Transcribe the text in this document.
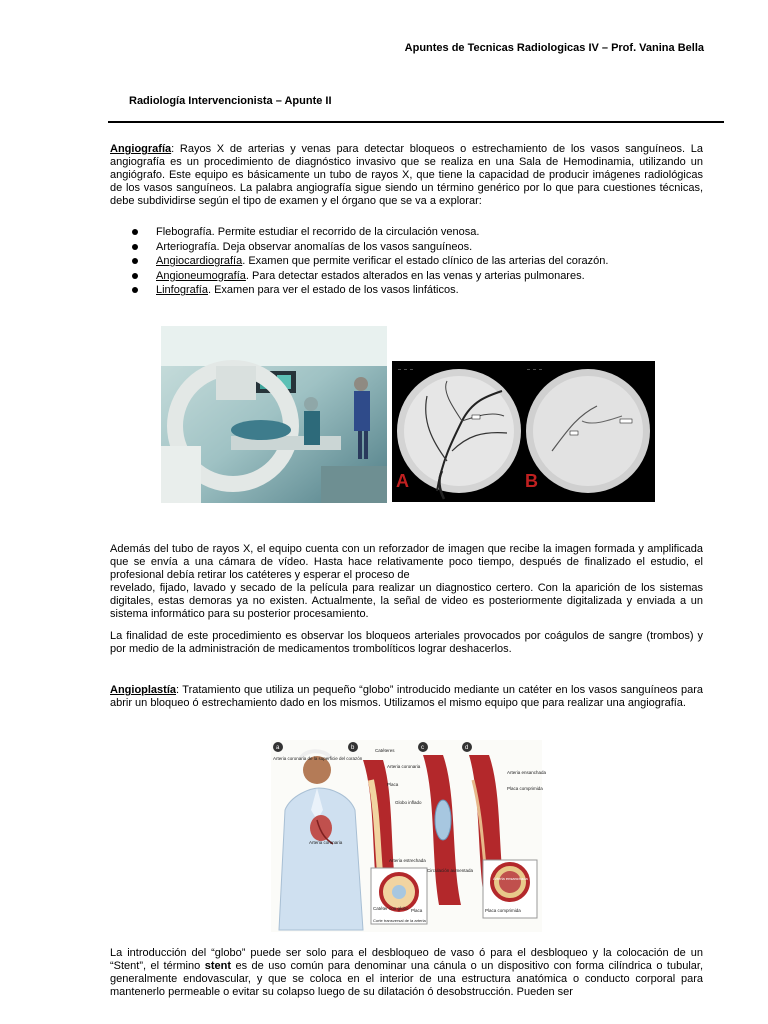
Apuntes de Tecnicas Radiologicas IV – Prof. Vanina Bella
Radiología Intervencionista – Apunte II
Angiografía: Rayos X de arterias y venas para detectar bloqueos o estrechamiento de los vasos sanguíneos. La angiografía es un procedimiento de diagnóstico invasivo que se realiza en una Sala de Hemodinamia, utilizando un angiógrafo. Este equipo es básicamente un tubo de rayos X, que tiene la capacidad de producir imágenes radiológicas de los vasos sanguíneos. La palabra angiografía sigue siendo un término genérico por lo que para cuestiones técnicas, debe subdividirse según el tipo de examen y el órgano que se va a explorar:
Flebografía. Permite estudiar el recorrido de la circulación venosa.
Arteriografía. Deja observar anomalías de los vasos sanguíneos.
Angiocardiografía. Examen que permite verificar el estado clínico de las arterias del corazón.
Angioneumografía. Para detectar estados alterados en las venas y arterias pulmonares.
Linfografía. Examen para ver el estado de los vasos linfáticos.
— — —	— — —
A	B
Además del tubo de rayos X, el equipo cuenta con un reforzador de imagen que recibe la imagen formada y amplificada que se envía a una cámara de vídeo. Hasta hace relativamente poco tiempo, después de finalizado el estudio, el profesional debía retirar los catéteres y esperar el proceso de
revelado, fijado, lavado y secado de la película para realizar un diagnostico certero. Con la aparición de los sistemas digitales, estas demoras ya no existen. Actualmente, la señal de video es posteriormente digitalizada y enviada a un sistema informático para su posterior procesamiento.
La finalidad de este procedimiento es observar los bloqueos arteriales provocados por coágulos de sangre (trombos) y por medio de la administración de medicamentos trombolíticos lograr deshacerlos.
Angioplastía: Tratamiento que utiliza un pequeño “globo” introducido mediante un catéter en los vasos sanguíneos para abrir un bloqueo ó estrechamiento dado en los mismos. Utilizamos el mismo equipo que para realizar una angiografía.
a	b	c	d
Arteria coronaria de la superficie del corazón
Arteria coronaria
Catéteres
Arteria coronaria
Placa
Globo inflado
Arteria ensanchada
Placa comprimida
Arteria estrechada
Circulación aumentada
Catéter con globo Placa
Corte transversal de la arteria
Arteria ensanchada
Placa comprimida
La introducción del “globo” puede ser solo para el desbloqueo de vaso ó para el desbloqueo y la colocación de un “Stent”, el término stent es de uso común para denominar una cánula o un dispositivo con forma cilíndrica o tubular, generalmente endovascular, y que se coloca en el interior de una estructura anatómica o conducto corporal para mantenerlo permeable o evitar su colapso luego de su dilatación ó desobstrucción. Pueden ser
